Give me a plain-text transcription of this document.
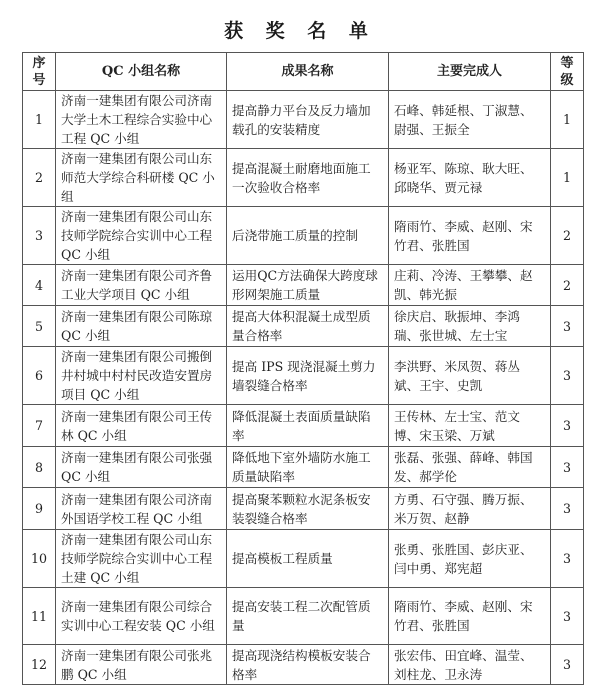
获 奖 名 单
序号	QC 小组名称	成果名称	主要完成人	等级
1	济南一建集团有限公司济南大学土木工程综合实验中心工程 QC 小组	提高静力平台及反力墙加载孔的安装精度	石峰、韩延根、丁淑慧、尉强、王振全	1
2	济南一建集团有限公司山东师范大学综合科研楼 QC 小组	提高混凝土耐磨地面施工一次验收合格率	杨亚军、陈琼、耿大旺、邱晓华、贾元禄	1
3	济南一建集团有限公司山东技师学院综合实训中心工程 QC 小组	后浇带施工质量的控制	隋雨竹、李威、赵刚、宋竹君、张胜国	2
4	济南一建集团有限公司齐鲁工业大学项目 QC 小组	运用QC方法确保大跨度球形网架施工质量	庄莉、冷涛、王攀攀、赵凯、韩光振	2
5	济南一建集团有限公司陈琼 QC 小组	提高大体积混凝土成型质量合格率	徐庆启、耿振坤、李鸿瑞、张世城、左士宝	3
6	济南一建集团有限公司搬倒井村城中村村民改造安置房项目 QC 小组	提高 IPS 现浇混凝土剪力墙裂缝合格率	李洪野、米凤贺、蒋丛斌、王宇、史凯	3
7	济南一建集团有限公司王传林 QC 小组	降低混凝土表面质量缺陷率	王传林、左士宝、范文博、宋玉梁、万斌	3
8	济南一建集团有限公司张强 QC 小组	降低地下室外墙防水施工质量缺陷率	张磊、张强、薛峰、韩国发、郝学伦	3
9	济南一建集团有限公司济南外国语学校工程 QC 小组	提高聚苯颗粒水泥条板安装裂缝合格率	方勇、石守强、腾万振、米万贺、赵静	3
10	济南一建集团有限公司山东技师学院综合实训中心工程土建 QC 小组	提高模板工程质量	张勇、张胜国、彭庆亚、闫中勇、郑宪超	3
11	济南一建集团有限公司综合实训中心工程安装 QC 小组	提高安装工程二次配管质量	隋雨竹、李威、赵刚、宋竹君、张胜国	3
12	济南一建集团有限公司张兆鹏 QC 小组	提高现浇结构模板安装合格率	张宏伟、田宜峰、温莹、刘柱龙、卫永涛	3
